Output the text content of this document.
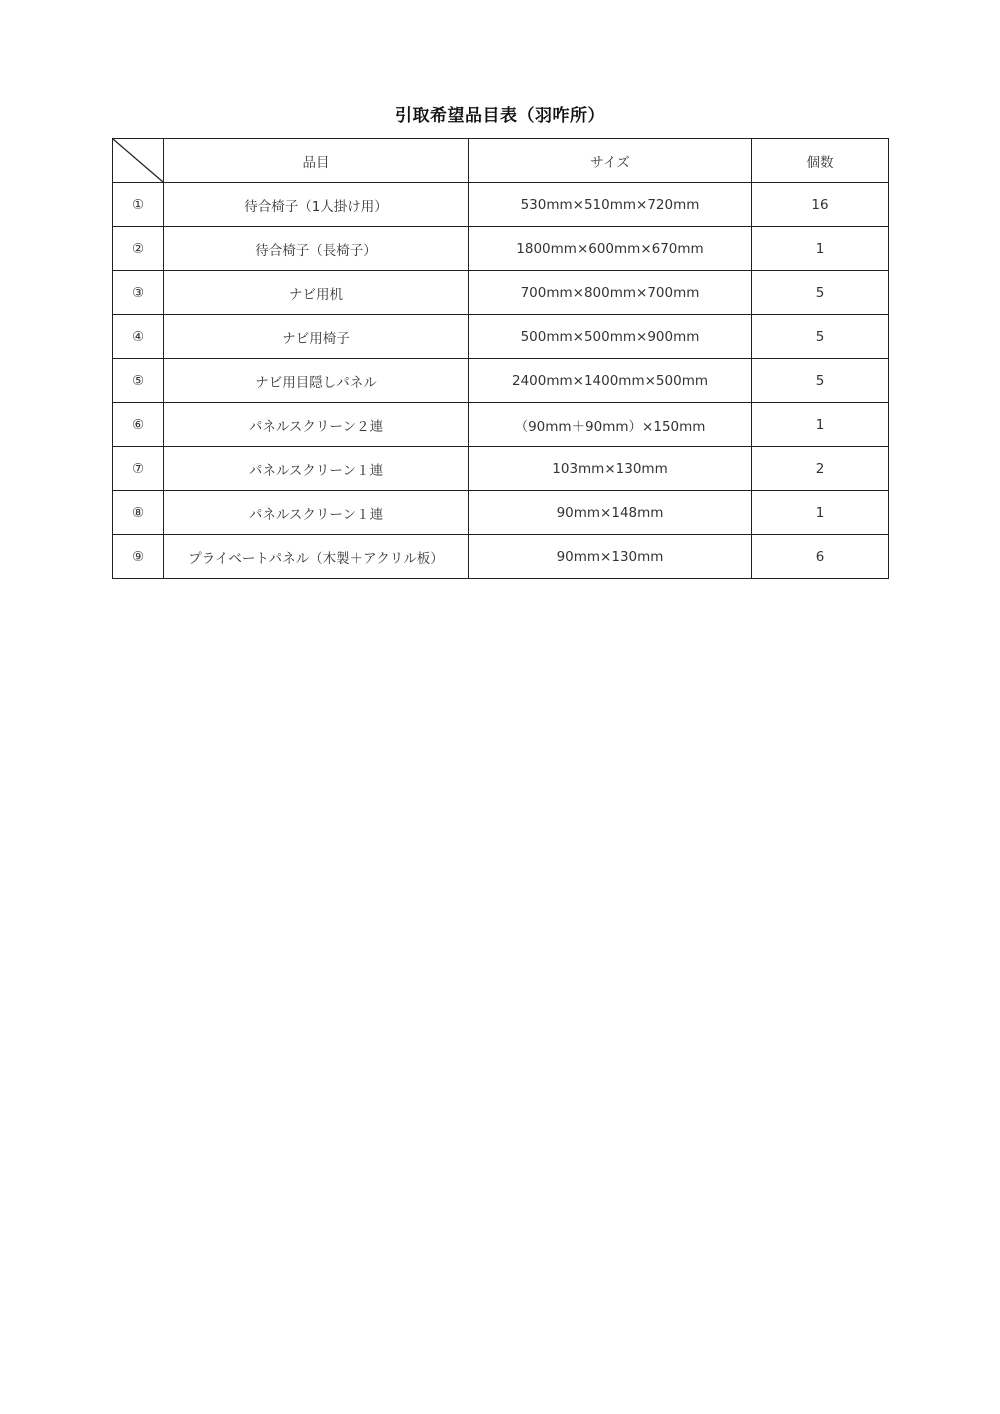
引取希望品目表（羽咋所）
	品目	サイズ	個数
①	待合椅子（1人掛け用）	530mm×510mm×720mm	16
②	待合椅子（長椅子）	1800mm×600mm×670mm	1
③	ナビ用机	700mm×800mm×700mm	5
④	ナビ用椅子	500mm×500mm×900mm	5
⑤	ナビ用目隠しパネル	2400mm×1400mm×500mm	5
⑥	パネルスクリーン２連	（90mm＋90mm）×150mm	1
⑦	パネルスクリーン１連	103mm×130mm	2
⑧	パネルスクリーン１連	90mm×148mm	1
⑨	プライベートパネル（木製＋アクリル板）	90mm×130mm	6
